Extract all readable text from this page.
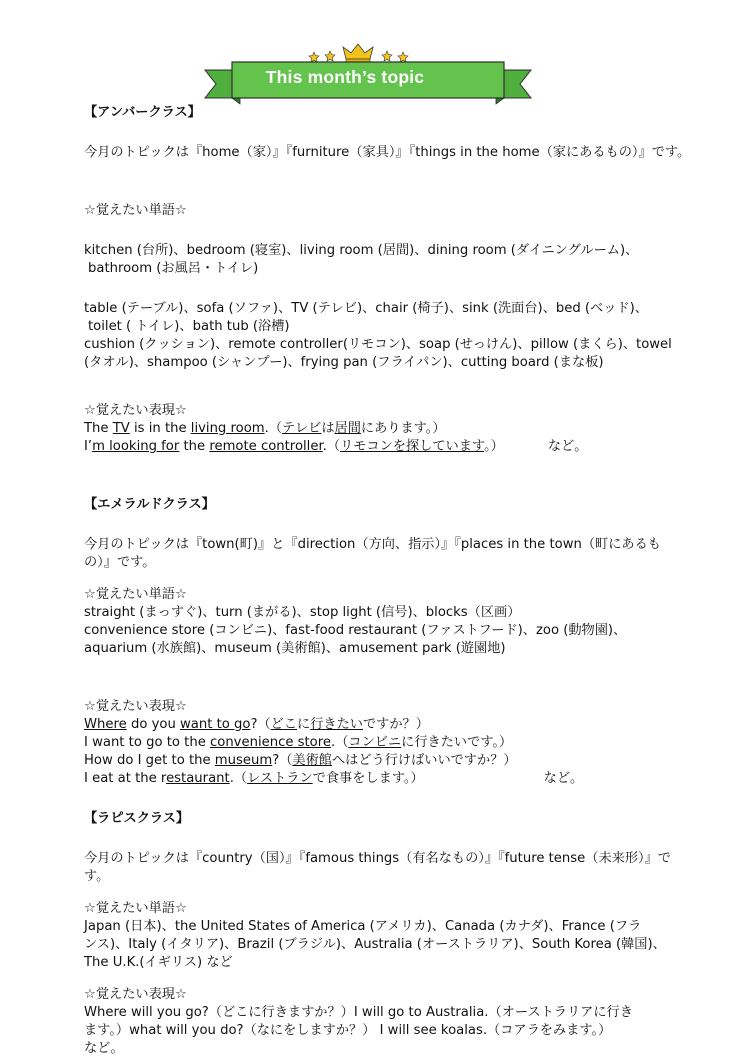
This month’s topic
【アンバークラス】
今月のトピックは『home（家）』『furniture（家具）』『things in the home（家にあるもの）』です。
☆覚えたい単語☆
kitchen (台所)、bedroom (寝室)、living room (居間)、dining room (ダイニングルーム)、
bathroom (お風呂・トイレ)
table (テーブル)、sofa (ソファ)、TV (テレビ)、chair (椅子)、sink (洗面台)、bed (ベッド)、
toilet ( トイレ)、bath tub (浴槽)
cushion (クッション)、remote controller(リモコン)、soap (せっけん)、pillow (まくら)、towel
(タオル)、shampoo (シャンプー)、frying pan (フライパン)、cutting board (まな板)
☆覚えたい表現☆
The TV is in the living room.（テレビは居間にあります。）
I’m looking for the remote controller.（リモコンを探しています。）	など。
【エメラルドクラス】
今月のトピックは『town(町)』と『direction（方向、指示）』『places in the town（町にあるも
の）』です。
☆覚えたい単語☆
straight (まっすぐ)、turn (まがる)、stop light (信号)、blocks（区画）
convenience store (コンビニ)、fast-food restaurant (ファストフード)、zoo (動物園)、
aquarium (水族館)、museum (美術館)、amusement park (遊園地)
☆覚えたい表現☆
Where do you want to go?（どこに行きたいですか？）
I want to go to the convenience store.（コンビニに行きたいです。）
How do I get to the museum?（美術館へはどう行けばいいですか？）
I eat at the restaurant.（レストランで食事をします。）	など。
【ラピスクラス】
今月のトピックは『country（国）』『famous things（有名なもの）』『future tense（未来形）』で
す。
☆覚えたい単語☆
Japan (日本)、the United States of America (アメリカ)、Canada (カナダ)、France (フラ
ンス)、Italy (イタリア)、Brazil (ブラジル)、Australia (オーストラリア)、South Korea (韓国)、
The U.K.(イギリス) など
☆覚えたい表現☆
Where will you go?（どこに行きますか？）I will go to Australia.（オーストラリアに行き
ます。）what will you do?（なにをしますか？） I will see koalas.（コアラをみます。）
など。
